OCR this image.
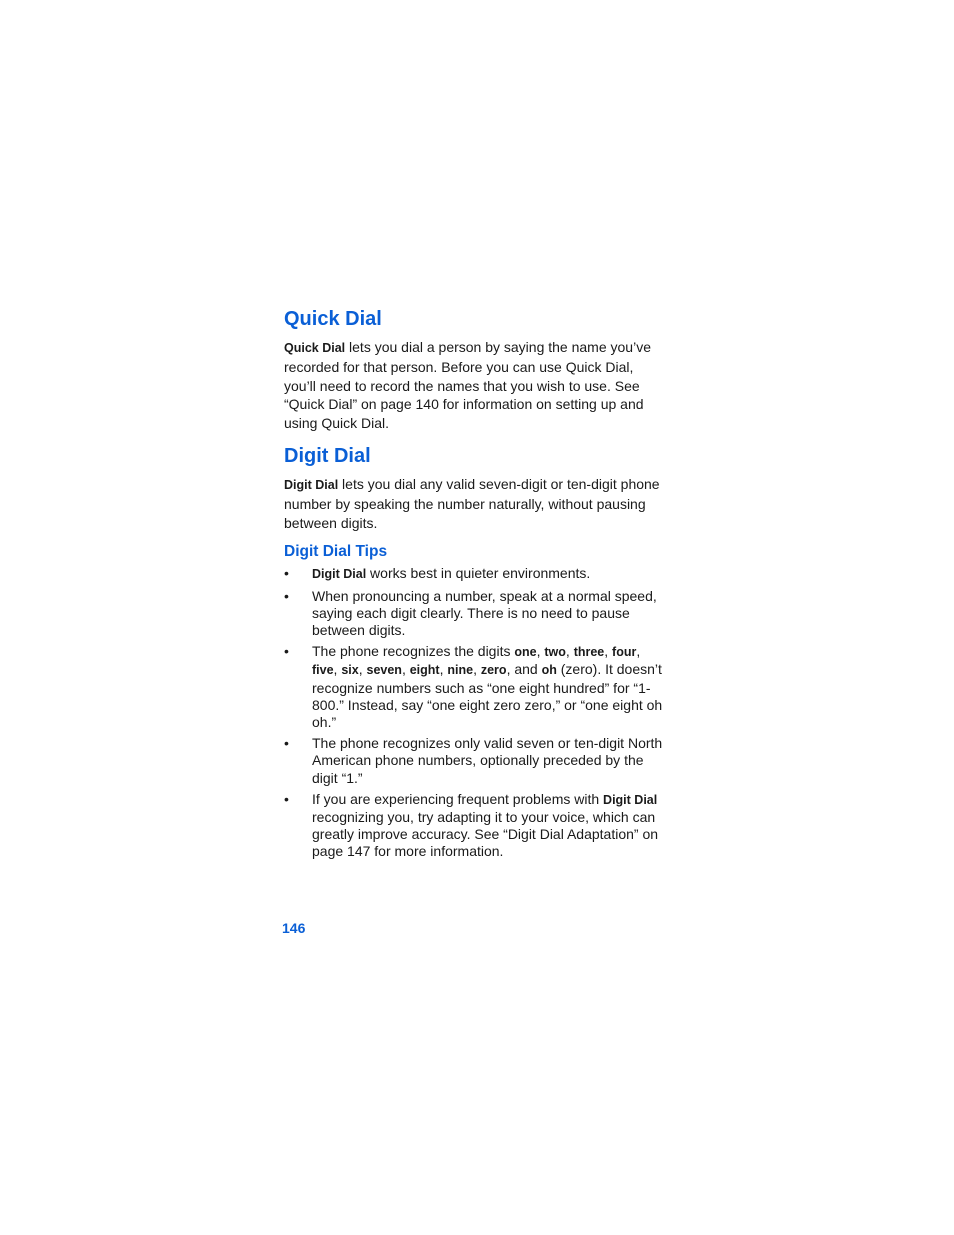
Quick Dial

Quick Dial lets you dial a person by saying the name you’ve recorded for that person. Before you can use Quick Dial, you’ll need to record the names that you wish to use. See “Quick Dial” on page 140 for information on setting up and using Quick Dial.

Digit Dial

Digit Dial lets you dial any valid seven-digit or ten-digit phone number by speaking the number naturally, without pausing between digits.

Digit Dial Tips
• Digit Dial works best in quieter environments.
• When pronouncing a number, speak at a normal speed, saying each digit clearly. There is no need to pause between digits.
• The phone recognizes the digits one, two, three, four, five, six, seven, eight, nine, zero, and oh (zero). It doesn’t recognize numbers such as “one eight hundred” for “1-800.” Instead, say “one eight zero zero,” or “one eight oh oh.”
• The phone recognizes only valid seven or ten-digit North American phone numbers, optionally preceded by the digit “1.”
• If you are experiencing frequent problems with Digit Dial recognizing you, try adapting it to your voice, which can greatly improve accuracy. See “Digit Dial Adaptation” on page 147 for more information.
146
